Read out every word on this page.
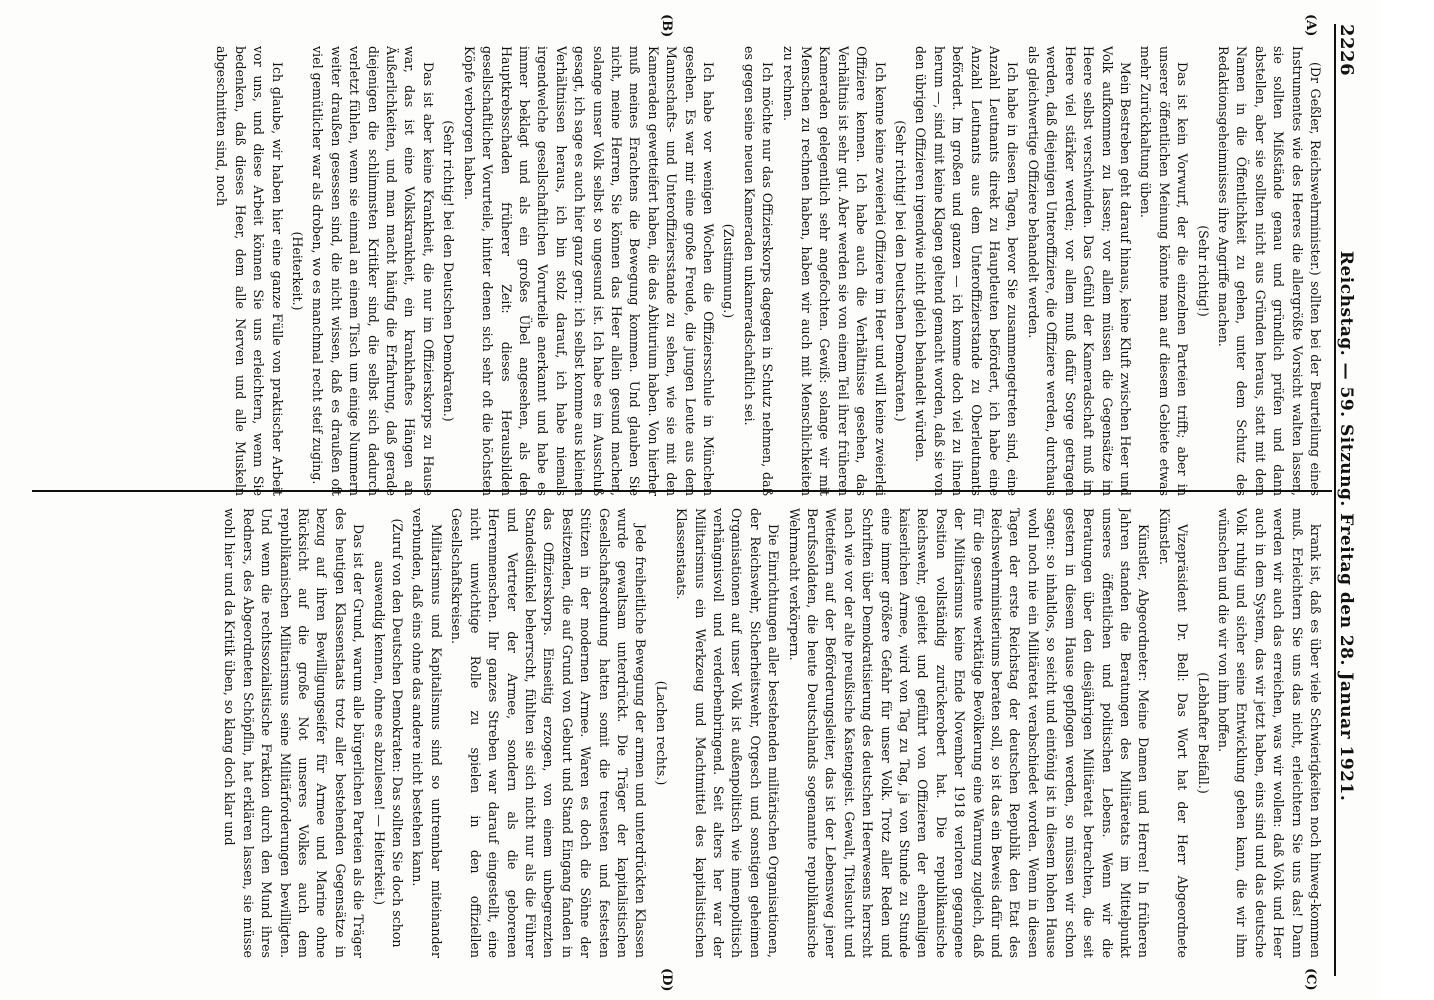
2226
Reichstag. — 59. Sitzung. Freitag den 28. Januar 1921.
(A)
(B)
(C)
(D)

(Dr Geßler, Reichswehrminister.) sollten bei der Beurteilung eines Instrumentes wie des Heeres die allergrößte Vorsicht walten lassen, sie sollten Mißstände genau und gründlich prüfen und dann abstellen, aber sie sollten nicht aus Gründen heraus, statt mit dem Namen in die Öffentlichkeit zu gehen, unter dem Schutz des Redaktionsgeheimnisses ihre Angriffe machen.

(Sehr richtig!)

Das ist kein Vorwurf, der die einzelnen Parteien trifft; aber in unserer öffentlichen Meinung könnte man auf diesem Gebiete etwas mehr Zurückhaltung üben.

Mein Bestreben geht darauf hinaus, keine Kluft zwischen Heer und Volk aufkommen zu lassen; vor allem müssen die Gegensätze im Heere selbst verschwinden. Das Gefühl der Kameradschaft muß im Heere viel stärker werden; vor allem muß dafür Sorge getragen werden, daß diejenigen Unteroffiziere, die Offiziere werden, durchaus als gleichwertige Offiziere behandelt werden.

Ich habe in diesen Tagen, bevor Sie zusammengetreten sind, eine Anzahl Leutnants direkt zu Hauptleuten befördert, ich habe eine Anzahl Leutnants aus dem Unteroffizierstande zu Oberleutnants befördert. Im großen und ganzen — ich komme doch viel zu ihnen herum —, sind mit keine Klagen geltend gemacht worden, daß sie von den übrigen Offizieren irgendwie nicht gleich behandelt würden.

(Sehr richtig! bei den Deutschen Demokraten.)

Ich kenne keine zweierlei Offiziere im Heer und will keine zweierlei Offiziere kennen. Ich habe auch die Verhältnisse gesehen, das Verhältnis ist sehr gut. Aber werden sie von einem Teil ihrer früheren Kameraden gelegentlich sehr angefochten. Gewiß: solange wir mit Menschen zu rechnen haben, haben wir auch mit Menschlichkeiten zu rechnen.

Ich möchte nur das Offizierskorps dagegen in Schutz nehmen, daß es gegen seine neuen Kameraden unkameradschaftlich sei.

(Zustimmung.)

Ich habe vor wenigen Wochen die Offiziersschule in München gesehen. Es war mir eine große Freude, die jungen Leute aus dem Mannschafts- und Unteroffiziersstande zu sehen, wie sie mit den Kameraden gewetteifert haben, die das Abiturium haben. Von hierher muß meines Erachtens die Bewegung kommen. Und glauben Sie nicht, meine Herren, Sie können das Heer allein gesund machen, solange unser Volk selbst so ungesund ist. Ich habe es im Ausschuß gesagt, ich sage es auch hier ganz gern: ich selbst komme aus kleinen Verhältnissen heraus, ich bin stolz darauf, ich habe niemals irgendwelche gesellschaftlichen Vorurteile anerkannt und habe es immer beklagt und als ein großes Übel angesehen, als den Hauptkrebsschaden früherer Zeit: dieses Herausbilden gesellschaftlicher Vorurteile, hinter denen sich sehr oft die höchsten Köpfe verborgen haben.

(Sehr richtig! bei den Deutschen Demokraten.)

Das ist aber keine Krankheit, die nur im Offizierskorps zu Hause war, das ist eine Volkskrankheit, ein krankhaftes Hängen an Äußerlichkeiten, und man macht häufig die Erfahrung, daß gerade diejenigen die schlimmsten Kritiker sind, die selbst sich dadurch verletzt fühlen, wenn sie einmal an einem Tisch um einige Nummern weiter draußen gesessen sind, die nicht wissen, daß es draußen oft viel gemütlicher war als droben, wo es manchmal recht steif zuging.

(Heiterkeit.)

Ich glaube, wir haben hier eine ganze Fülle von praktischer Arbeit vor uns, und diese Arbeit können Sie uns erleichtern, wenn Sie bedenken, daß dieses Heer, dem alle Nerven und alle Muskeln abgeschnitten sind, noch

krank ist, daß es über viele Schwierigkeiten noch hinweg-kommen muß. Erleichtern Sie uns das nicht, erleichtern Sie uns das! Dann werden wir auch das erreichen, was wir wollen: daß Volk und Heer auch in dem System, das wir jetzt haben, eins sind und das deutsche Volk ruhig und sicher seine Entwicklung gehen kann, die wir ihm wünschen und die wir von ihm hoffen.

(Lebhafter Beifall.)

Vizepräsident Dr. Bell: Das Wort hat der Herr Abgeordnete Künstler.

Künstler, Abgeordneter: Meine Damen und Herren! In früheren Jahren standen die Beratungen des Militäretats im Mittelpunkt unseres öffentlichen und politischen Lebens. Wenn wir die Beratungen über den diesjährigen Militäretat betrachten, die seit gestern in diesem Hause gepflogen werden, so müssen wir schon sagen: so inhaltlos, so seicht und eintönig ist in diesem hohen Hause wohl noch nie ein Militäretat verabschiedet worden. Wenn in diesen Tagen der erste Reichstag der deutschen Republik den Etat des Reichswehrministeriums beraten soll, so ist das ein Beweis dafür und für die gesamte werktätige Bevölkerung eine Warnung zugleich, daß der Militarismus keine Ende November 1918 verloren gegangene Position vollständig zurückerobert hat. Die republikanische Reichswehr, geleitet und geführt von Offizieren der ehemaligen kaiserlichen Armee, wird von Tag zu Tag, ja von Stunde zu Stunde eine immer größere Gefahr für unser Volk. Trotz aller Reden und Schriften über Demokratisierung des deutschen Heerwesens herrscht nach wie vor der alte preußische Kastengeist. Gewalt, Titelsucht und Wetteifern auf der Beförderungsleiter, das ist der Lebensweg jener Berufssoldaten, die heute Deutschlands sogenannte republikanische Wehrmacht verkörpern.

Die Einrichtungen aller bestehenden militärischen Organisationen, der Reichswehr, Sicherheitswehr, Orgesch und sonstigen geheimen Organisationen auf unser Volk ist außenpolitisch wie innenpolitisch verhängnisvoll und verderbenbringend. Seit alters her war der Militarismus ein Werkzeug und Machtmittel des kapitalistischen Klassenstaats.

(Lachen rechts.)

Jede freiheitliche Bewegung der armen und unterdrückten Klassen wurde gewaltsam unterdrückt. Die Träger der kapitalistischen Gesellschaftsordnung hatten somit die treuesten und festesten Stützen in der modernen Armee. Waren es doch die Söhne der Besitzenden, die auf Grund von Geburt und Stand Eingang fanden in das Offizierskorps. Einseitig erzogen, von einem unbegrenzten Standesdünkel beherrscht, fühlten sie sich nicht nur als die Führer und Vertreter der Armee, sondern als die geborenen Herrenmenschen. Ihr ganzes Streben war darauf eingestellt, eine nicht unwichtige Rolle zu spielen in den offiziellen Gesellschaftskreisen.

Militarismus und Kapitalismus sind so untrennbar miteinander verbunden, daß eins ohne das andere nicht bestehen kann.

(Zuruf von den Deutschen Demokraten: Das sollten Sie doch schon auswendig kennen, ohne es abzulesen! — Heiterkeit.)

Das ist der Grund, warum alle bürgerlichen Parteien als die Träger des heutigen Klassenstaats trotz aller bestehenden Gegensätze in bezug auf ihren Bewilligungseifer für Armee und Marine ohne Rücksicht auf die große Not unseres Volkes auch dem republikanischen Militarismus seine Militärforderungen bewilligten. Und wenn die rechtssozialistische Fraktion durch den Mund ihres Redners, des Abgeordneten Schöpflin, hat erklären lassen, sie müsse wohl hier und da Kritik üben, so klang doch klar und
